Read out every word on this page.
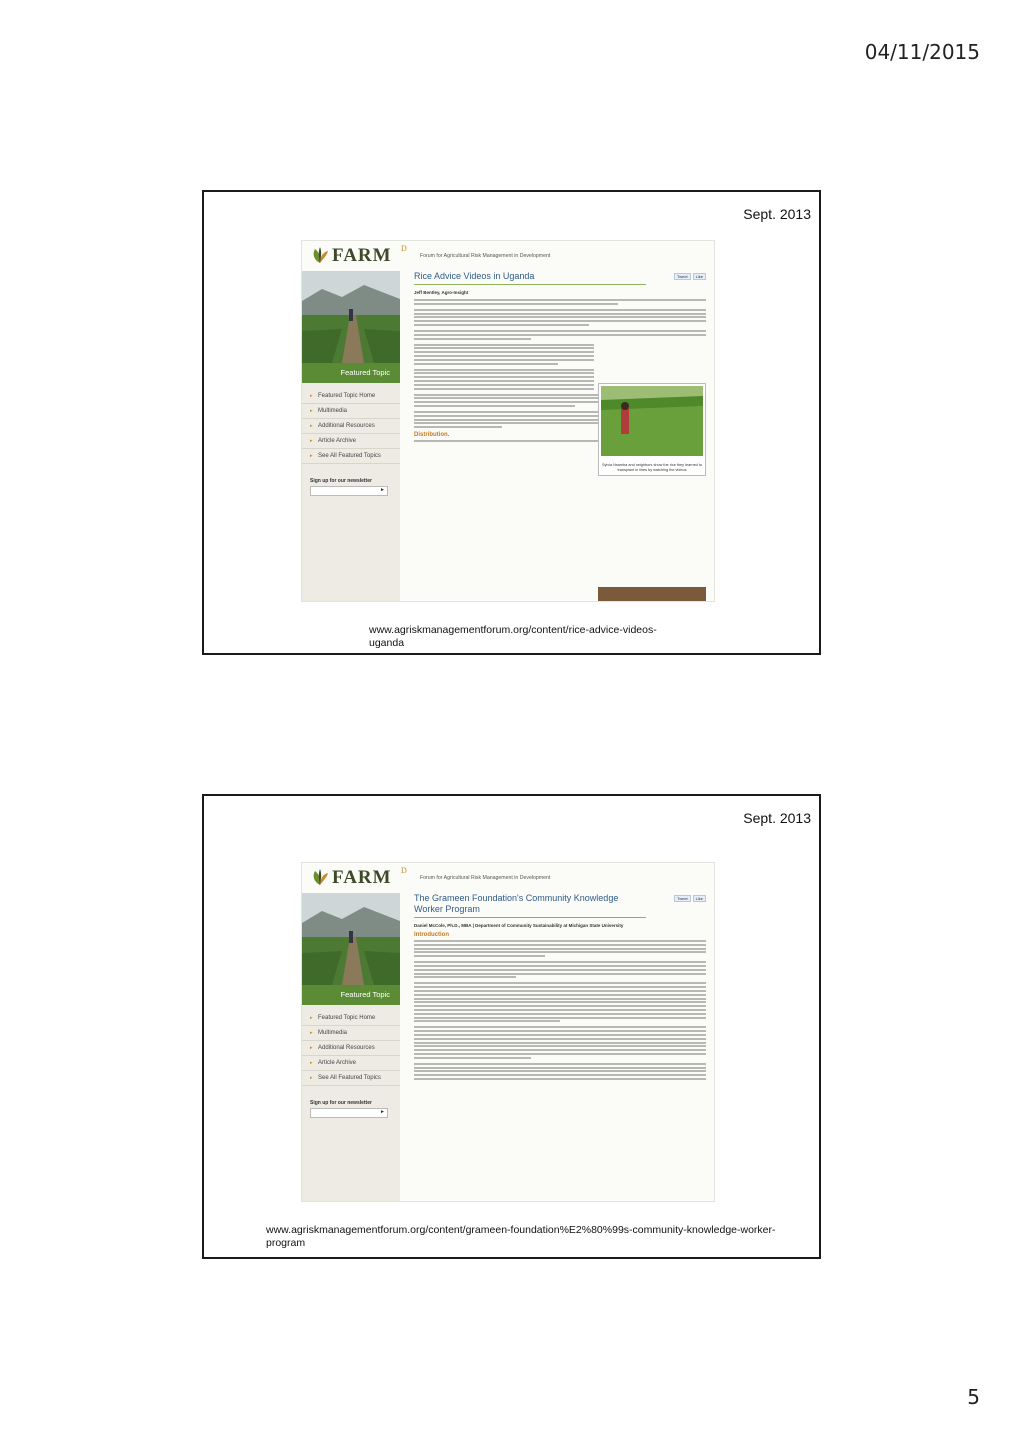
04/11/2015
Sept. 2013
FARM D
Forum for Agricultural Risk Management in Development
Featured Topic
▸ Featured Topic Home
▸ Multimedia
▸ Additional Resources
▸ Article Archive
▸ See All Featured Topics
Sign up for our newsletter
►
Tweet	Like
Rice Advice Videos in Uganda
Jeff Bentley, Agro-Insight
Distribution.
Sylvia Nsamba and neighbors show the rice they learned to transplant in lines by watching the videos
www.agriskmanagementforum.org/content/rice-advice-videos-uganda
Sept. 2013
FARM D
Forum for Agricultural Risk Management in Development
Featured Topic
▸ Featured Topic Home
▸ Multimedia
▸ Additional Resources
▸ Article Archive
▸ See All Featured Topics
Sign up for our newsletter
►
Tweet	Like
The Grameen Foundation's Community Knowledge Worker Program
Daniel McCole, Ph.D., MBA | Department of Community Sustainability at Michigan State University
Introduction
www.agriskmanagementforum.org/content/grameen-foundation%E2%80%99s-community-knowledge-worker-program
5
